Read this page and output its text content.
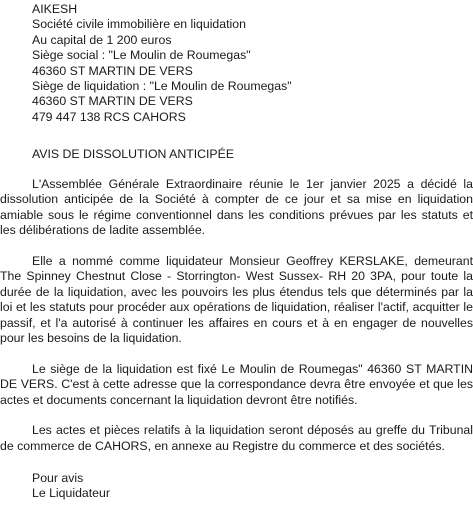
AIKESH
Société civile immobilière en liquidation
Au capital de 1 200 euros
Siège social : "Le Moulin de Roumegas"
46360 ST MARTIN DE VERS
Siège de liquidation : "Le Moulin de Roumegas"
46360 ST MARTIN DE VERS
479 447 138 RCS CAHORS
AVIS DE DISSOLUTION ANTICIPÉE

L'Assemblée Générale Extraordinaire réunie le 1er janvier 2025 a décidé la dissolution anticipée de la Société à compter de ce jour et sa mise en liquidation amiable sous le régime conventionnel dans les conditions prévues par les statuts et les délibérations de ladite assemblée.

Elle a nommé comme liquidateur Monsieur Geoffrey KERSLAKE, demeurant The Spinney Chestnut Close - Storrington- West Sussex- RH 20 3PA, pour toute la durée de la liquidation, avec les pouvoirs les plus étendus tels que déterminés par la loi et les statuts pour procéder aux opérations de liquidation, réaliser l'actif, acquitter le passif, et l'a autorisé à continuer les affaires en cours et à en engager de nouvelles pour les besoins de la liquidation.

Le siège de la liquidation est fixé Le Moulin de Roumegas" 46360 ST MARTIN DE VERS. C'est à cette adresse que la correspondance devra être envoyée et que les actes et documents concernant la liquidation devront être notifiés.

Les actes et pièces relatifs à la liquidation seront déposés au greffe du Tribunal de commerce de CAHORS, en annexe au Registre du commerce et des sociétés.

Pour avis
Le Liquidateur
